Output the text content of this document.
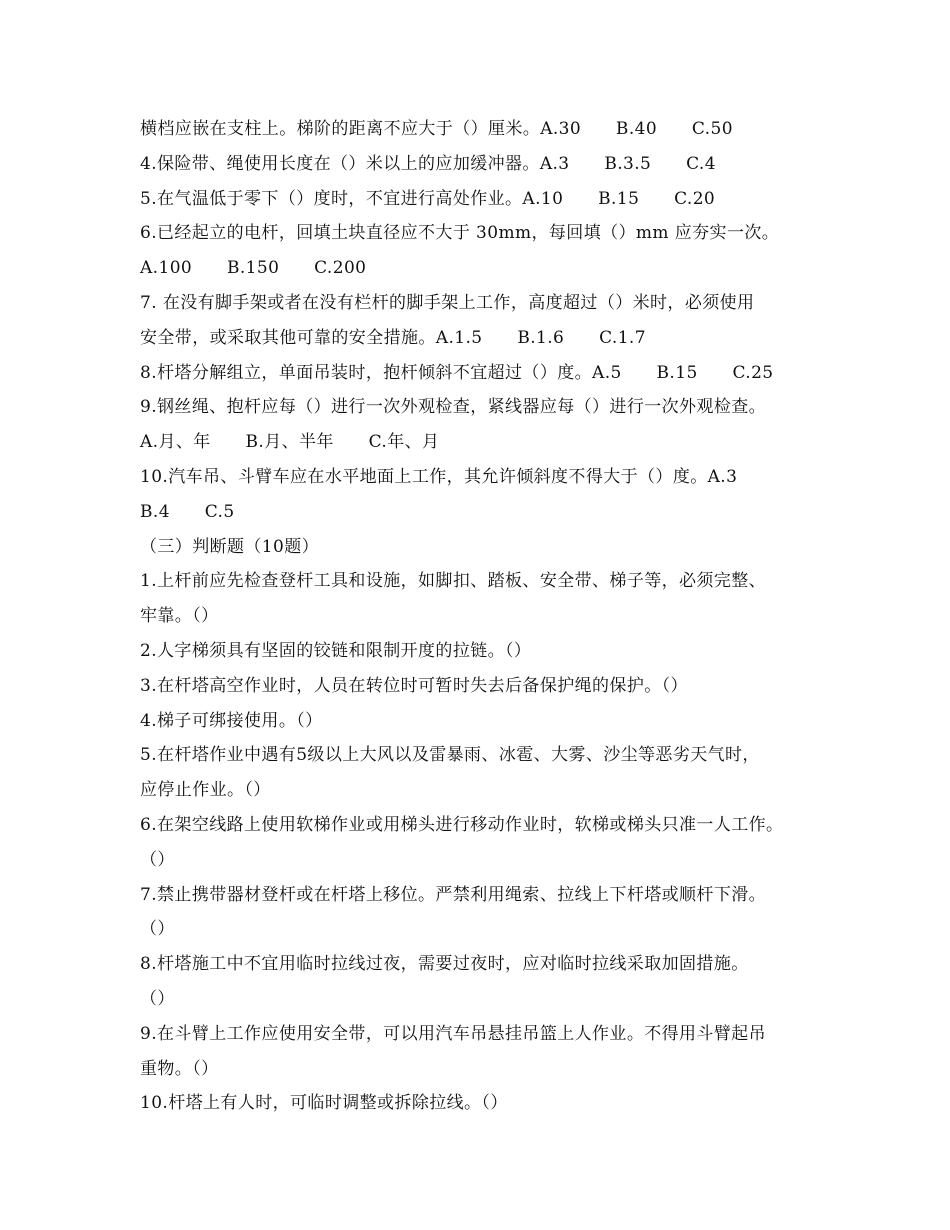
横档应嵌在支柱上。梯阶的距离不应大于（）厘米。A.30      B.40      C.50
4.保险带、绳使用长度在（）米以上的应加缓冲器。A.3      B.3.5      C.4
5.在气温低于零下（）度时，不宜进行高处作业。A.10      B.15      C.20
6.已经起立的电杆，回填土块直径应不大于 30mm，每回填（）mm 应夯实一次。
A.100      B.150      C.200
7. 在没有脚手架或者在没有栏杆的脚手架上工作，高度超过（）米时，必须使用
安全带，或采取其他可靠的安全措施。A.1.5      B.1.6      C.1.7
8.杆塔分解组立，单面吊装时，抱杆倾斜不宜超过（）度。A.5      B.15      C.25
9.钢丝绳、抱杆应每（）进行一次外观检查，紧线器应每（）进行一次外观检查。
A.月、年      B.月、半年      C.年、月
10.汽车吊、斗臂车应在水平地面上工作，其允许倾斜度不得大于（）度。A.3
B.4      C.5
（三）判断题（10题）
1.上杆前应先检查登杆工具和设施，如脚扣、踏板、安全带、梯子等，必须完整、
牢靠。（）
2.人字梯须具有坚固的铰链和限制开度的拉链。（）
3.在杆塔高空作业时，人员在转位时可暂时失去后备保护绳的保护。（）
4.梯子可绑接使用。（）
5.在杆塔作业中遇有5级以上大风以及雷暴雨、冰雹、大雾、沙尘等恶劣天气时，
应停止作业。（）
6.在架空线路上使用软梯作业或用梯头进行移动作业时，软梯或梯头只准一人工作。
（）
7.禁止携带器材登杆或在杆塔上移位。严禁利用绳索、拉线上下杆塔或顺杆下滑。
（）
8.杆塔施工中不宜用临时拉线过夜，需要过夜时，应对临时拉线采取加固措施。
（）
9.在斗臂上工作应使用安全带，可以用汽车吊悬挂吊篮上人作业。不得用斗臂起吊
重物。（）
10.杆塔上有人时，可临时调整或拆除拉线。（）
